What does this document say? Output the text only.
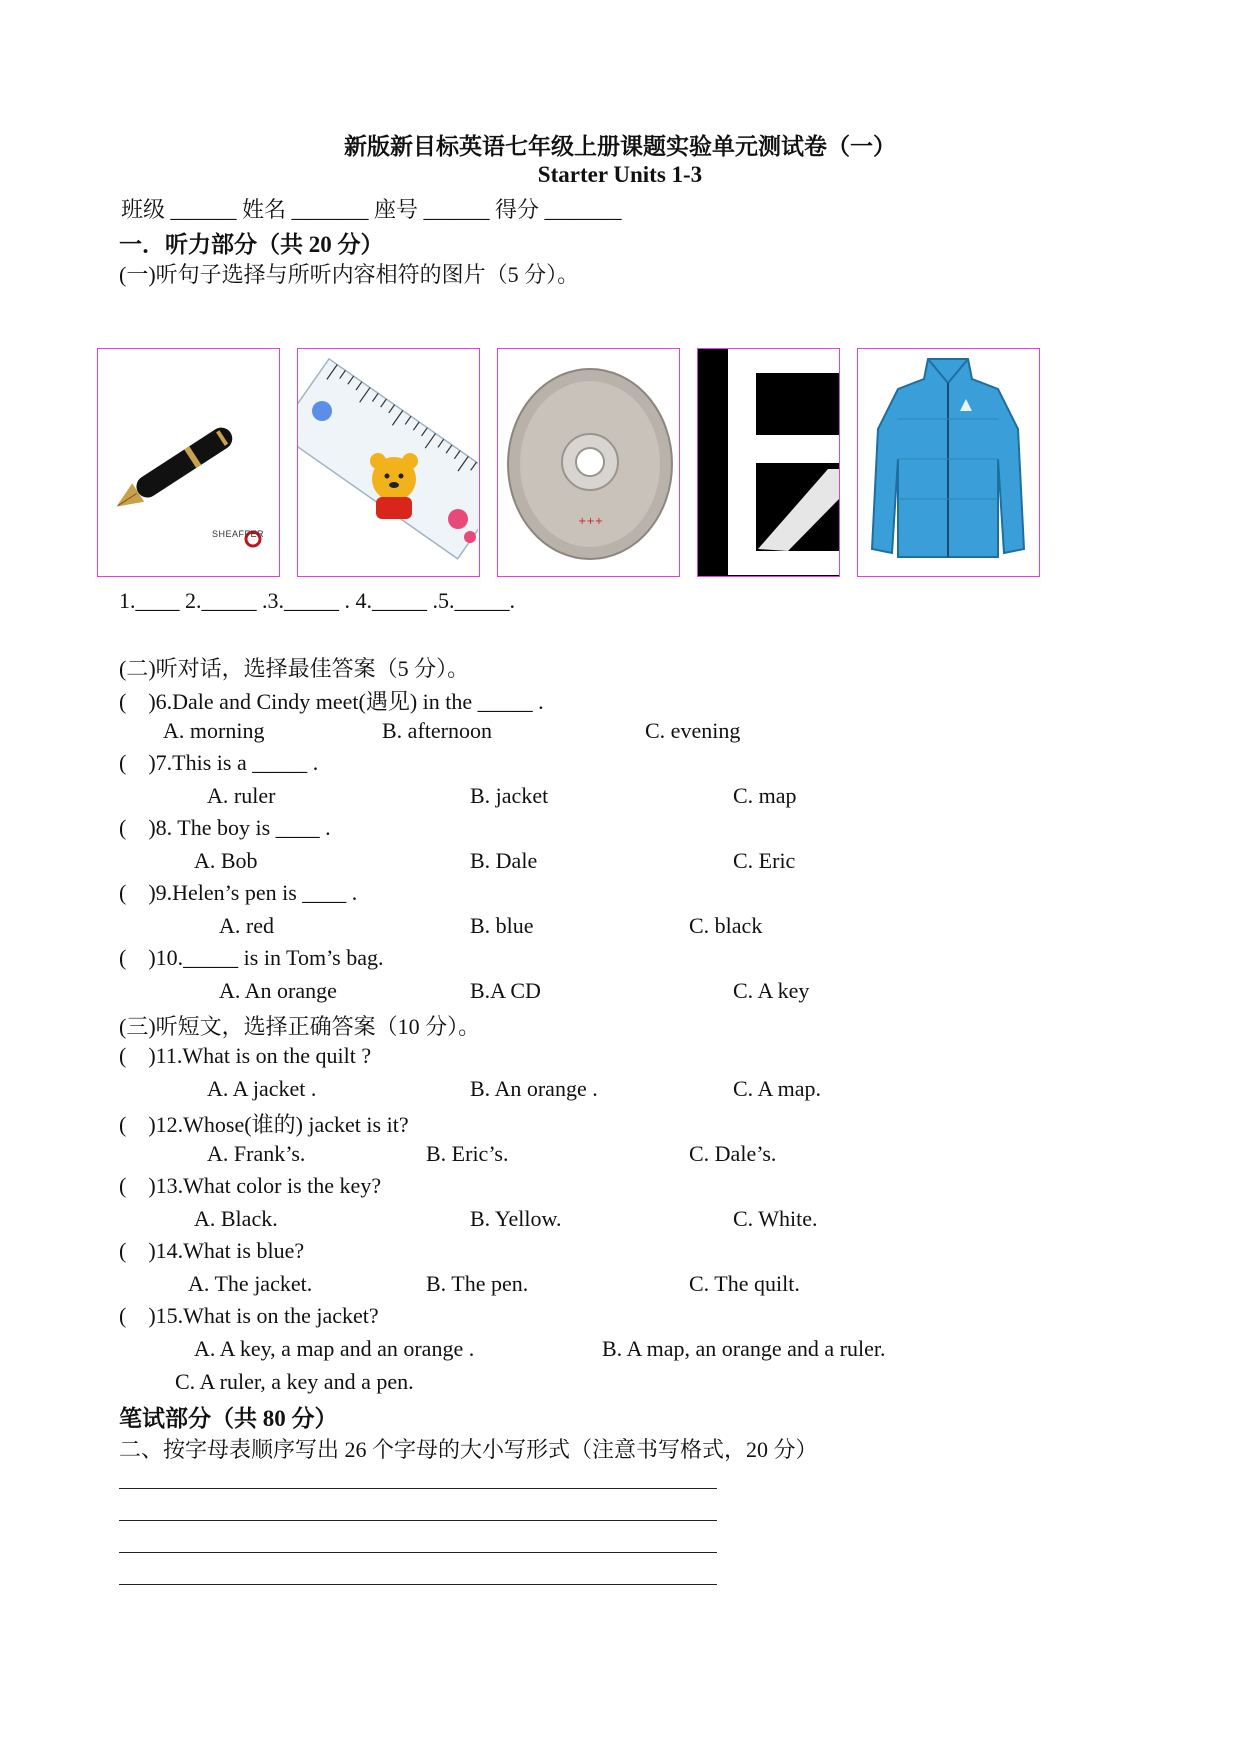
新版新目标英语七年级上册课题实验单元测试卷（一）
Starter Units 1-3
班级 ______ 姓名 _______ 座号 ______ 得分 _______
一．听力部分（共 20 分）
(一)听句子选择与所听内容相符的图片（5 分）。
SHEAFFER
+++
1.____ 2._____ .3._____ . 4._____ .5._____.
(二)听对话，选择最佳答案（5 分）。
(    )6.Dale and Cindy meet(遇见) in the _____ .
A. morning	B. afternoon	C. evening
(    )7.This is a _____ .
A. ruler	B. jacket	C. map
(    )8. The boy is ____ .
A. Bob	B. Dale	C. Eric
(    )9.Helen’s pen is ____ .
A. red	B. blue	C. black
(    )10._____ is in Tom’s bag.
A. An orange	B.A CD	C. A key
(三)听短文，选择正确答案（10 分）。
(    )11.What is on the quilt ?
A. A jacket .	B. An orange .	C. A map.
(    )12.Whose(谁的) jacket is it?
A. Frank’s.	B. Eric’s.	C. Dale’s.
(    )13.What color is the key?
A. Black.	B. Yellow.	C. White.
(    )14.What is blue?
A. The jacket.	B. The pen.	C. The quilt.
(    )15.What is on the jacket?
A. A key, a map and an orange .	B. A map, an orange and a ruler.
C. A ruler, a key and a pen.
笔试部分（共 80 分）
二、按字母表顺序写出 26 个字母的大小写形式（注意书写格式，20 分）
